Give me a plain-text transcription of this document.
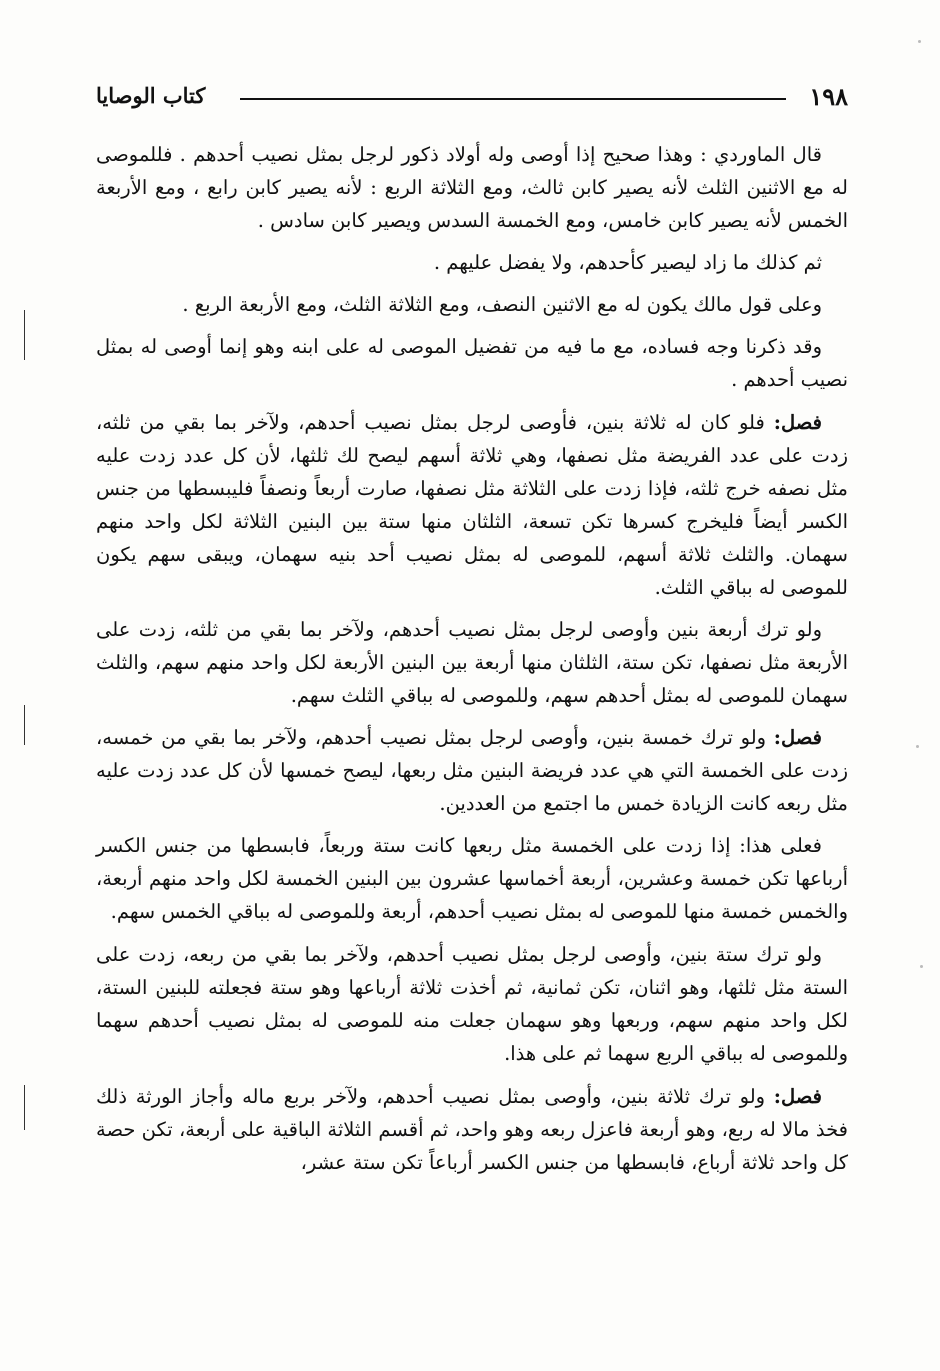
١٩٨
كتاب الوصايا

قال الماوردي : وهذا صحيح إذا أوصى وله أولاد ذكور لرجل بمثل نصيب أحدهم . فللموصى له مع الاثنين الثلث لأنه يصير كابن ثالث، ومع الثلاثة الربع : لأنه يصير كابن رابع ، ومع الأربعة الخمس لأنه يصير كابن خامس، ومع الخمسة السدس ويصير كابن سادس .

ثم كذلك ما زاد ليصير كأحدهم، ولا يفضل عليهم .

وعلى قول مالك يكون له مع الاثنين النصف، ومع الثلاثة الثلث، ومع الأربعة الربع .

وقد ذكرنا وجه فساده، مع ما فيه من تفضيل الموصى له على ابنه وهو إنما أوصى له بمثل نصيب أحدهم .

فصل: فلو كان له ثلاثة بنين، فأوصى لرجل بمثل نصيب أحدهم، ولآخر بما بقي من ثلثه، زدت على عدد الفريضة مثل نصفها، وهي ثلاثة أسهم ليصح لك ثلثها، لأن كل عدد زدت عليه مثل نصفه خرج ثلثه، فإذا زدت على الثلاثة مثل نصفها، صارت أربعاً ونصفاً فليبسطها من جنس الكسر أيضاً فليخرج كسرها تكن تسعة، الثلثان منها ستة بين البنين الثلاثة لكل واحد منهم سهمان. والثلث ثلاثة أسهم، للموصى له بمثل نصيب أحد بنيه سهمان، ويبقى سهم يكون للموصى له بباقي الثلث.

ولو ترك أربعة بنين وأوصى لرجل بمثل نصيب أحدهم، ولآخر بما بقي من ثلثه، زدت على الأربعة مثل نصفها، تكن ستة، الثلثان منها أربعة بين البنين الأربعة لكل واحد منهم سهم، والثلث سهمان للموصى له بمثل أحدهم سهم، وللموصى له بباقي الثلث سهم.

فصل: ولو ترك خمسة بنين، وأوصى لرجل بمثل نصيب أحدهم، ولآخر بما بقي من خمسه، زدت على الخمسة التي هي عدد فريضة البنين مثل ربعها، ليصح خمسها لأن كل عدد زدت عليه مثل ربعه كانت الزيادة خمس ما اجتمع من العددين.

فعلى هذا: إذا زدت على الخمسة مثل ربعها كانت ستة وربعاً، فابسطها من جنس الكسر أرباعها تكن خمسة وعشرين، أربعة أخماسها عشرون بين البنين الخمسة لكل واحد منهم أربعة، والخمس خمسة منها للموصى له بمثل نصيب أحدهم، أربعة وللموصى له بباقي الخمس سهم.

ولو ترك ستة بنين، وأوصى لرجل بمثل نصيب أحدهم، ولآخر بما بقي من ربعه، زدت على الستة مثل ثلثها، وهو اثنان، تكن ثمانية، ثم أخذت ثلاثة أرباعها وهو ستة فجعلته للبنين الستة، لكل واحد منهم سهم، وربعها وهو سهمان جعلت منه للموصى له بمثل نصيب أحدهم سهما وللموصى له بباقي الربع سهما ثم على هذا.

فصل: ولو ترك ثلاثة بنين، وأوصى بمثل نصيب أحدهم، ولآخر بربع ماله وأجاز الورثة ذلك فخذ مالا له ربع، وهو أربعة فاعزل ربعه وهو واحد، ثم أقسم الثلاثة الباقية على أربعة، تكن حصة كل واحد ثلاثة أرباع، فابسطها من جنس الكسر أرباعاً تكن ستة عشر،
